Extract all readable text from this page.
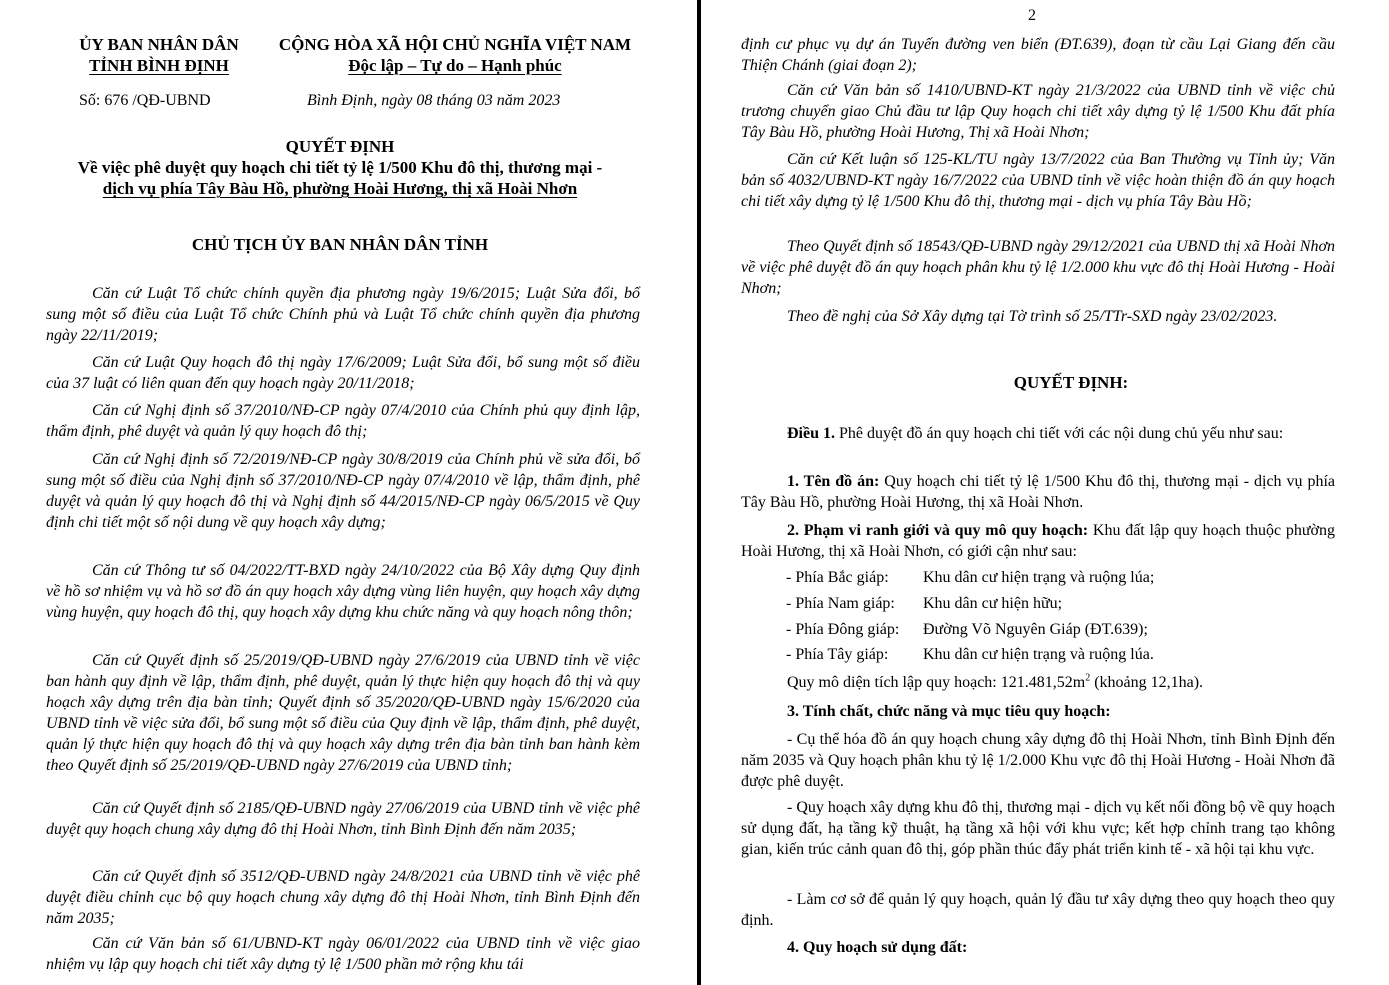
ỦY BAN NHÂN DÂN
TỈNH BÌNH ĐỊNH
CỘNG HÒA XÃ HỘI CHỦ NGHĨA VIỆT NAM
Độc lập – Tự do – Hạnh phúc
Số: 676 /QĐ-UBND	Bình Định, ngày 08 tháng 03 năm 2023
QUYẾT ĐỊNH
Về việc phê duyệt quy hoạch chi tiết tỷ lệ 1/500 Khu đô thị, thương mại -
dịch vụ phía Tây Bàu Hồ, phường Hoài Hương, thị xã Hoài Nhơn
CHỦ TỊCH ỦY BAN NHÂN DÂN TỈNH

Căn cứ Luật Tổ chức chính quyền địa phương ngày 19/6/2015; Luật Sửa đổi, bổ sung một số điều của Luật Tổ chức Chính phủ và Luật Tổ chức chính quyền địa phương ngày 22/11/2019;

Căn cứ Luật Quy hoạch đô thị ngày 17/6/2009; Luật Sửa đổi, bổ sung một số điều của 37 luật có liên quan đến quy hoạch ngày 20/11/2018;

Căn cứ Nghị định số 37/2010/NĐ-CP ngày 07/4/2010 của Chính phủ quy định lập, thẩm định, phê duyệt và quản lý quy hoạch đô thị;

Căn cứ Nghị định số 72/2019/NĐ-CP ngày 30/8/2019 của Chính phủ về sửa đổi, bổ sung một số điều của Nghị định số 37/2010/NĐ-CP ngày 07/4/2010 về lập, thẩm định, phê duyệt và quản lý quy hoạch đô thị và Nghị định số 44/2015/NĐ-CP ngày 06/5/2015 về Quy định chi tiết một số nội dung về quy hoạch xây dựng;

Căn cứ Thông tư số 04/2022/TT-BXD ngày 24/10/2022 của Bộ Xây dựng Quy định về hồ sơ nhiệm vụ và hồ sơ đồ án quy hoạch xây dựng vùng liên huyện, quy hoạch xây dựng vùng huyện, quy hoạch đô thị, quy hoạch xây dựng khu chức năng và quy hoạch nông thôn;

Căn cứ Quyết định số 25/2019/QĐ-UBND ngày 27/6/2019 của UBND tỉnh về việc ban hành quy định về lập, thẩm định, phê duyệt, quản lý thực hiện quy hoạch đô thị và quy hoạch xây dựng trên địa bàn tỉnh; Quyết định số 35/2020/QĐ-UBND ngày 15/6/2020 của UBND tỉnh về việc sửa đổi, bổ sung một số điều của Quy định về lập, thẩm định, phê duyệt, quản lý thực hiện quy hoạch đô thị và quy hoạch xây dựng trên địa bàn tỉnh ban hành kèm theo Quyết định số 25/2019/QĐ-UBND ngày 27/6/2019 của UBND tỉnh;

Căn cứ Quyết định số 2185/QĐ-UBND ngày 27/06/2019 của UBND tỉnh về việc phê duyệt quy hoạch chung xây dựng đô thị Hoài Nhơn, tỉnh Bình Định đến năm 2035;

Căn cứ Quyết định số 3512/QĐ-UBND ngày 24/8/2021 của UBND tỉnh về việc phê duyệt điều chỉnh cục bộ quy hoạch chung xây dựng đô thị Hoài Nhơn, tỉnh Bình Định đến năm 2035;

Căn cứ Văn bản số 61/UBND-KT ngày 06/01/2022 của UBND tỉnh về việc giao nhiệm vụ lập quy hoạch chi tiết xây dựng tỷ lệ 1/500 phần mở rộng khu tái

2

định cư phục vụ dự án Tuyến đường ven biển (ĐT.639), đoạn từ cầu Lại Giang đến cầu Thiện Chánh (giai đoạn 2);

Căn cứ Văn bản số 1410/UBND-KT ngày 21/3/2022 của UBND tỉnh về việc chủ trương chuyển giao Chủ đầu tư lập Quy hoạch chi tiết xây dựng tỷ lệ 1/500 Khu đất phía Tây Bàu Hồ, phường Hoài Hương, Thị xã Hoài Nhơn;

Căn cứ Kết luận số 125-KL/TU ngày 13/7/2022 của Ban Thường vụ Tỉnh ủy; Văn bản số 4032/UBND-KT ngày 16/7/2022 của UBND tỉnh về việc hoàn thiện đồ án quy hoạch chi tiết xây dựng tỷ lệ 1/500 Khu đô thị, thương mại - dịch vụ phía Tây Bàu Hồ;

Theo Quyết định số 18543/QĐ-UBND ngày 29/12/2021 của UBND thị xã Hoài Nhơn về việc phê duyệt đồ án quy hoạch phân khu tỷ lệ 1/2.000 khu vực đô thị Hoài Hương - Hoài Nhơn;

Theo đề nghị của Sở Xây dựng tại Tờ trình số 25/TTr-SXD ngày 23/02/2023.

QUYẾT ĐỊNH:

Điều 1. Phê duyệt đồ án quy hoạch chi tiết với các nội dung chủ yếu như sau:

1. Tên đồ án: Quy hoạch chi tiết tỷ lệ 1/500 Khu đô thị, thương mại - dịch vụ phía Tây Bàu Hồ, phường Hoài Hương, thị xã Hoài Nhơn.

2. Phạm vi ranh giới và quy mô quy hoạch: Khu đất lập quy hoạch thuộc phường Hoài Hương, thị xã Hoài Nhơn, có giới cận như sau:

- Phía Bắc giáp: Khu dân cư hiện trạng và ruộng lúa;
- Phía Nam giáp: Khu dân cư hiện hữu;
- Phía Đông giáp: Đường Võ Nguyên Giáp (ĐT.639);
- Phía Tây giáp: Khu dân cư hiện trạng và ruộng lúa.
Quy mô diện tích lập quy hoạch: $121.481,52m^2$ (khoảng 12,1ha).

3. Tính chất, chức năng và mục tiêu quy hoạch:

- Cụ thể hóa đồ án quy hoạch chung xây dựng đô thị Hoài Nhơn, tỉnh Bình Định đến năm 2035 và Quy hoạch phân khu tỷ lệ 1/2.000 Khu vực đô thị Hoài Hương - Hoài Nhơn đã được phê duyệt.

- Quy hoạch xây dựng khu đô thị, thương mại - dịch vụ kết nối đồng bộ về quy hoạch sử dụng đất, hạ tầng kỹ thuật, hạ tầng xã hội với khu vực; kết hợp chỉnh trang tạo không gian, kiến trúc cảnh quan đô thị, góp phần thúc đẩy phát triển kinh tế - xã hội tại khu vực.

- Làm cơ sở để quản lý quy hoạch, quản lý đầu tư xây dựng theo quy hoạch theo quy định.

4. Quy hoạch sử dụng đất:
